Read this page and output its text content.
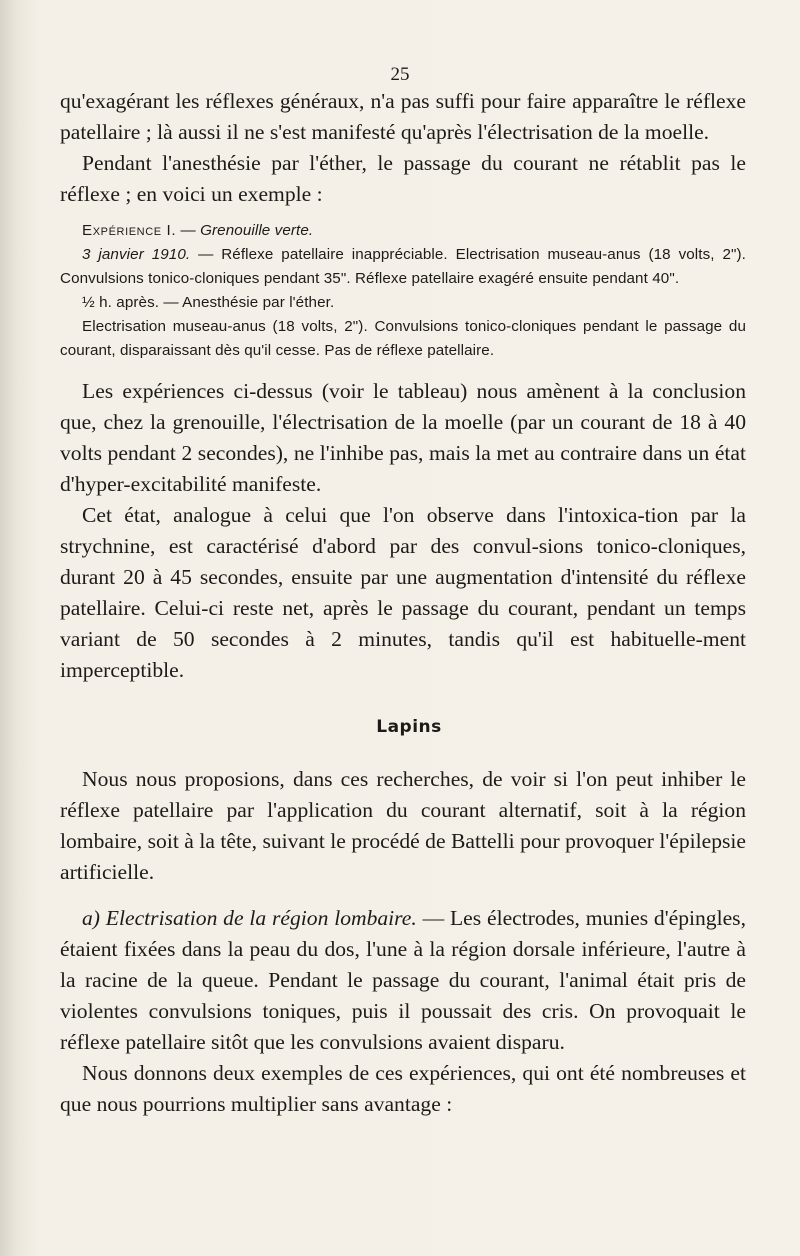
25

qu'exagérant les réflexes généraux, n'a pas suffi pour faire apparaître le réflexe patellaire ; là aussi il ne s'est manifesté qu'après l'électrisation de la moelle.

Pendant l'anesthésie par l'éther, le passage du courant ne rétablit pas le réflexe ; en voici un exemple :

Expérience I. — Grenouille verte.

3 janvier 1910. — Réflexe patellaire inappréciable. Electrisation museau-anus (18 volts, 2"). Convulsions tonico-cloniques pendant 35". Réflexe patellaire exagéré ensuite pendant 40".

½ h. après. — Anesthésie par l'éther.

Electrisation museau-anus (18 volts, 2"). Convulsions tonico-cloniques pendant le passage du courant, disparaissant dès qu'il cesse. Pas de réflexe patellaire.

Les expériences ci-dessus (voir le tableau) nous amènent à la conclusion que, chez la grenouille, l'électrisation de la moelle (par un courant de 18 à 40 volts pendant 2 secondes), ne l'inhibe pas, mais la met au contraire dans un état d'hyper-excitabilité manifeste.

Cet état, analogue à celui que l'on observe dans l'intoxica-tion par la strychnine, est caractérisé d'abord par des convul-sions tonico-cloniques, durant 20 à 45 secondes, ensuite par une augmentation d'intensité du réflexe patellaire. Celui-ci reste net, après le passage du courant, pendant un temps variant de 50 secondes à 2 minutes, tandis qu'il est habituelle-ment imperceptible.

Lapins

Nous nous proposions, dans ces recherches, de voir si l'on peut inhiber le réflexe patellaire par l'application du courant alternatif, soit à la région lombaire, soit à la tête, suivant le procédé de Battelli pour provoquer l'épilepsie artificielle.

a) Electrisation de la région lombaire. — Les électrodes, munies d'épingles, étaient fixées dans la peau du dos, l'une à la région dorsale inférieure, l'autre à la racine de la queue. Pendant le passage du courant, l'animal était pris de violentes convulsions toniques, puis il poussait des cris. On provoquait le réflexe patellaire sitôt que les convulsions avaient disparu.

Nous donnons deux exemples de ces expériences, qui ont été nombreuses et que nous pourrions multiplier sans avantage :
